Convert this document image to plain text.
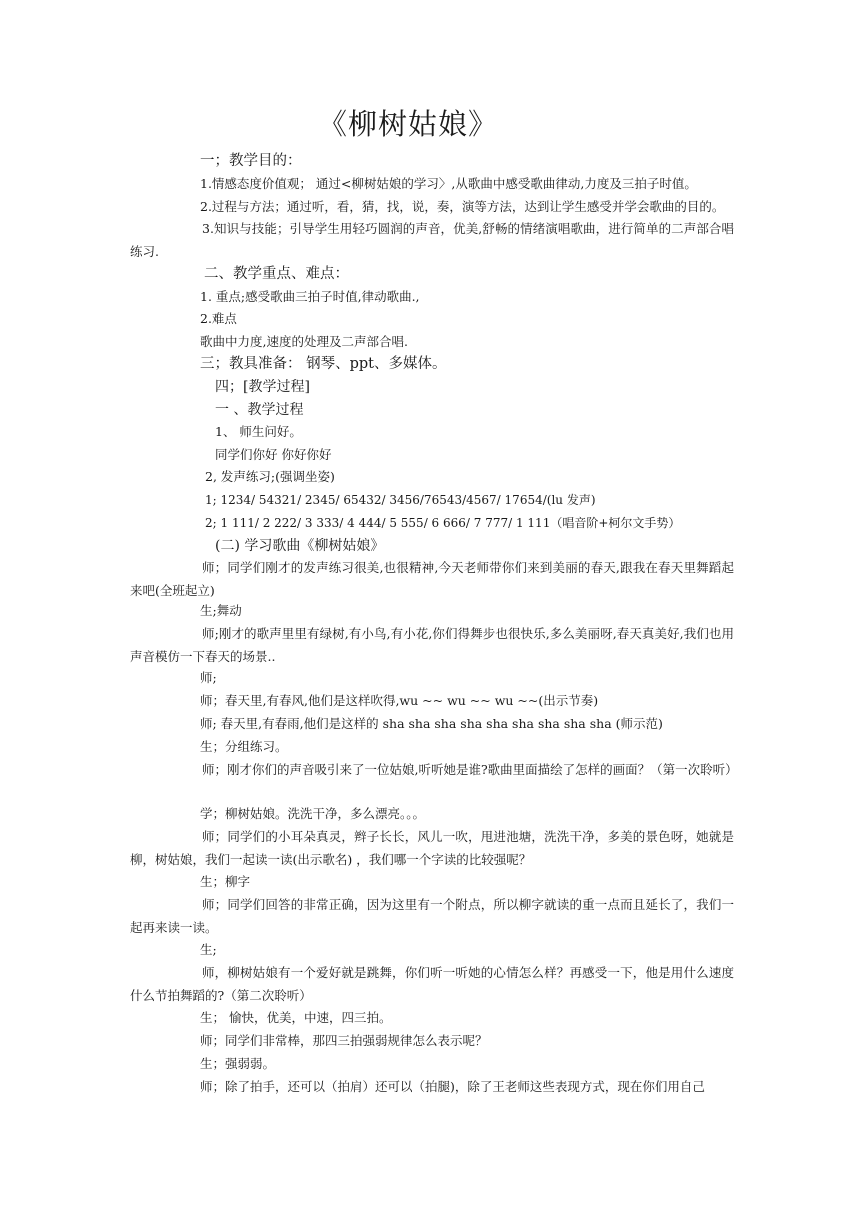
《柳树姑娘》
一；教学目的：
1.情感态度价值观； 通过<柳树姑娘的学习〉,从歌曲中感受歌曲律动,力度及三拍子时值。
2.过程与方法；通过听，看，猜，找，说，奏，演等方法，达到让学生感受并学会歌曲的目的。
3.知识与技能；引导学生用轻巧圆润的声音，优美,舒畅的情绪演唱歌曲，进行简单的二声部合唱练习.
二、教学重点、难点：
1. 重点;感受歌曲三拍子时值,律动歌曲.,
2.难点
歌曲中力度,速度的处理及二声部合唱.
三；教具准备： 钢琴、ppt、多媒体。
四；[教学过程]
一 、教学过程
1、 师生问好。
同学们你好 你好你好
2, 发声练习;(强调坐姿)
1; 1234/ 54321/ 2345/ 65432/ 3456/76543/4567/ 17654/(lu 发声)
2; 1 111/ 2 222/ 3 333/ 4 444/ 5 555/ 6 666/ 7 777/ 1 111（唱音阶+柯尔文手势）
(二) 学习歌曲《柳树姑娘》
师；同学们刚才的发声练习很美,也很精神,今天老师带你们来到美丽的春天,跟我在春天里舞蹈起来吧(全班起立)
生;舞动
师;刚才的歌声里里有绿树,有小鸟,有小花,你们得舞步也很快乐,多么美丽呀,春天真美好,我们也用声音模仿一下春天的场景..
师;
师；春天里,有春风,他们是这样吹得,wu ~~ wu ~~ wu ~~(出示节奏)
师; 春天里,有春雨,他们是这样的 sha sha sha sha sha sha sha sha sha (师示范)
生；分组练习。
师；刚才你们的声音吸引来了一位姑娘,听听她是谁?歌曲里面描绘了怎样的画面？（第一次聆听）
学；柳树姑娘。洗洗干净，多么漂亮。。。
师；同学们的小耳朵真灵，辫子长长，风儿一吹，甩进池塘，洗洗干净，多美的景色呀，她就是柳，树姑娘，我们一起读一读(出示歌名) ，我们哪一个字读的比较强呢？
生；柳字
师；同学们回答的非常正确，因为这里有一个附点，所以柳字就读的重一点而且延长了，我们一起再来读一读。
生;
师，柳树姑娘有一个爱好就是跳舞，你们听一听她的心情怎么样？再感受一下，他是用什么速度什么节拍舞蹈的?（第二次聆听）
生； 愉快，优美，中速，四三拍。
师；同学们非常棒，那四三拍强弱规律怎么表示呢？
生；强弱弱。
师；除了拍手，还可以（拍肩）还可以（拍腿)，除了王老师这些表现方式，现在你们用自己
